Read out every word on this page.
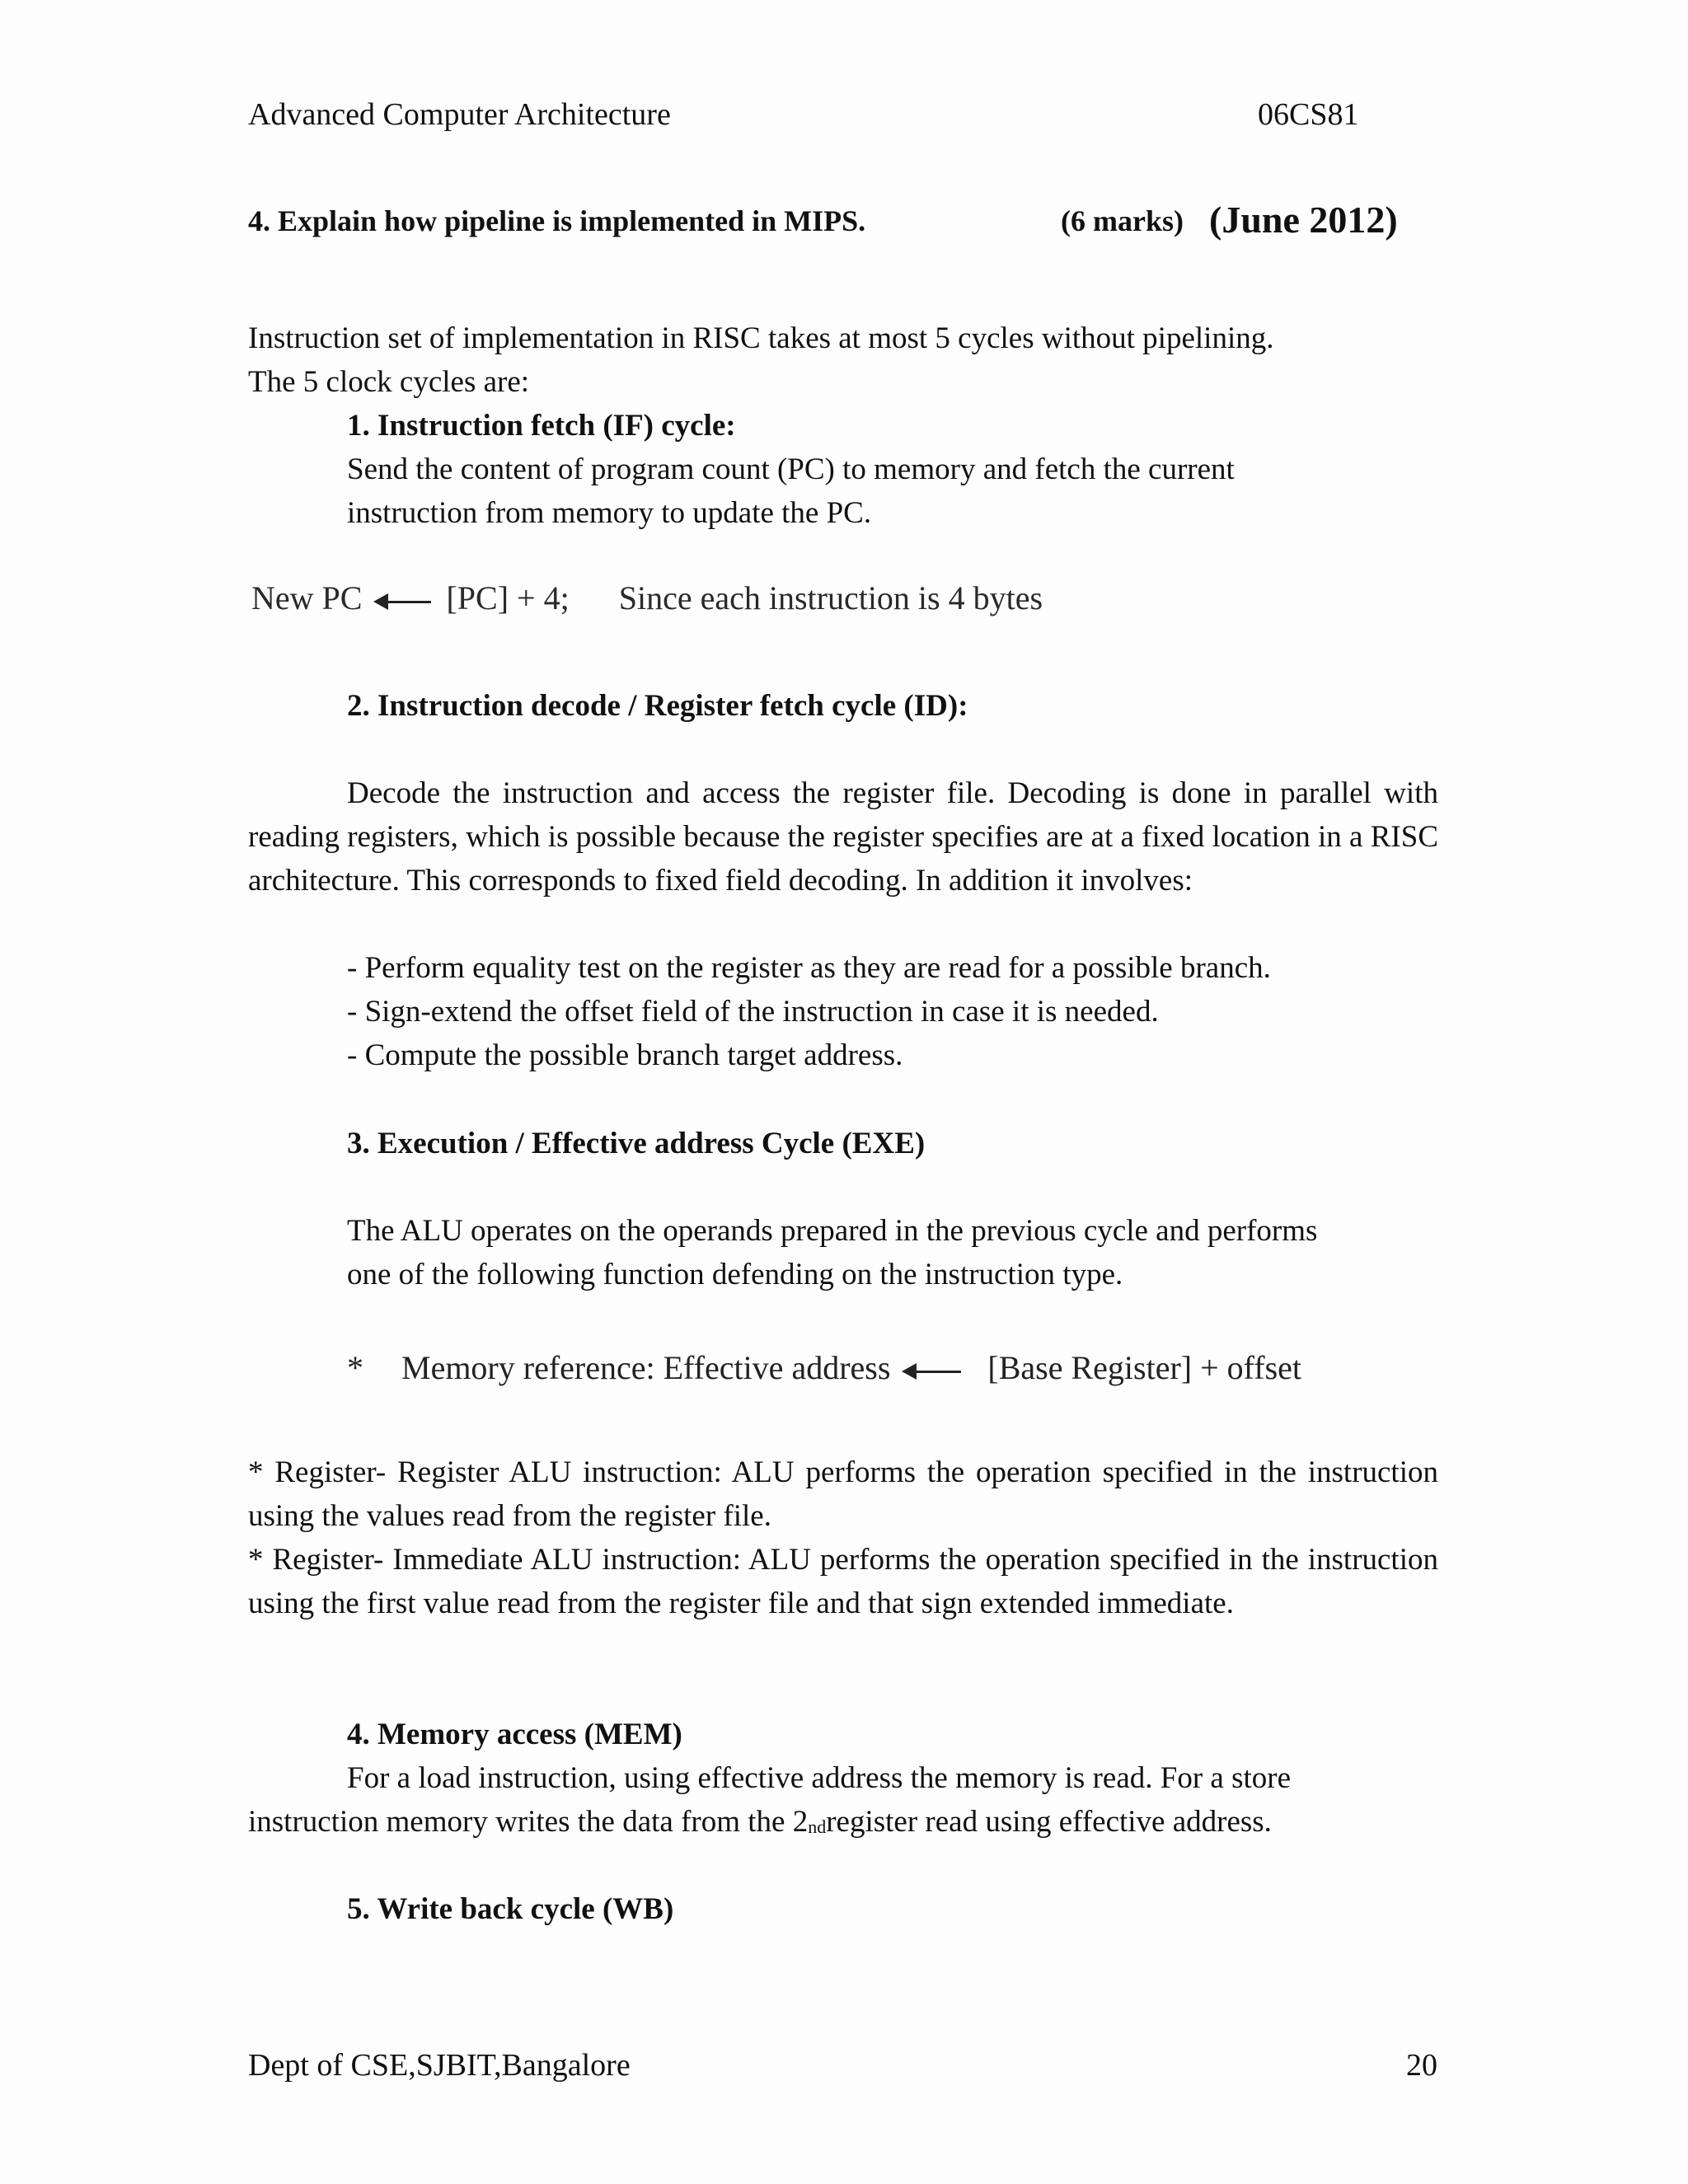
Advanced Computer Architecture	06CS81
4. Explain how pipeline is implemented in MIPS.	(6 marks) (June 2012)
Instruction set of implementation in RISC takes at most 5 cycles without pipelining.
The 5 clock cycles are:
1. Instruction fetch (IF) cycle:
Send the content of program count (PC) to memory and fetch the current
instruction from memory to update the PC.
New PC	[PC] + 4; Since each instruction is 4 bytes
2. Instruction decode / Register fetch cycle (ID):
Decode the instruction and access the register file. Decoding is done in parallel with reading registers, which is possible because the register specifies are at a fixed location in a RISC architecture. This corresponds to fixed field decoding. In addition it involves:
- Perform equality test on the register as they are read for a possible branch.
- Sign-extend the offset field of the instruction in case it is needed.
- Compute the possible branch target address.
3. Execution / Effective address Cycle (EXE)
The ALU operates on the operands prepared in the previous cycle and performs
one of the following function defending on the instruction type.
* Memory reference: Effective address	[Base Register] + offset
* Register- Register ALU instruction: ALU performs the operation specified in the instruction using the values read from the register file.
* Register- Immediate ALU instruction: ALU performs the operation specified in the instruction using the first value read from the register file and that sign extended immediate.
4. Memory access (MEM)
For a load instruction, using effective address the memory is read. For a store
instruction memory writes the data from the $2_{nd}register$ read using effective address.
5. Write back cycle (WB)
Dept of CSE,SJBIT,Bangalore	20
